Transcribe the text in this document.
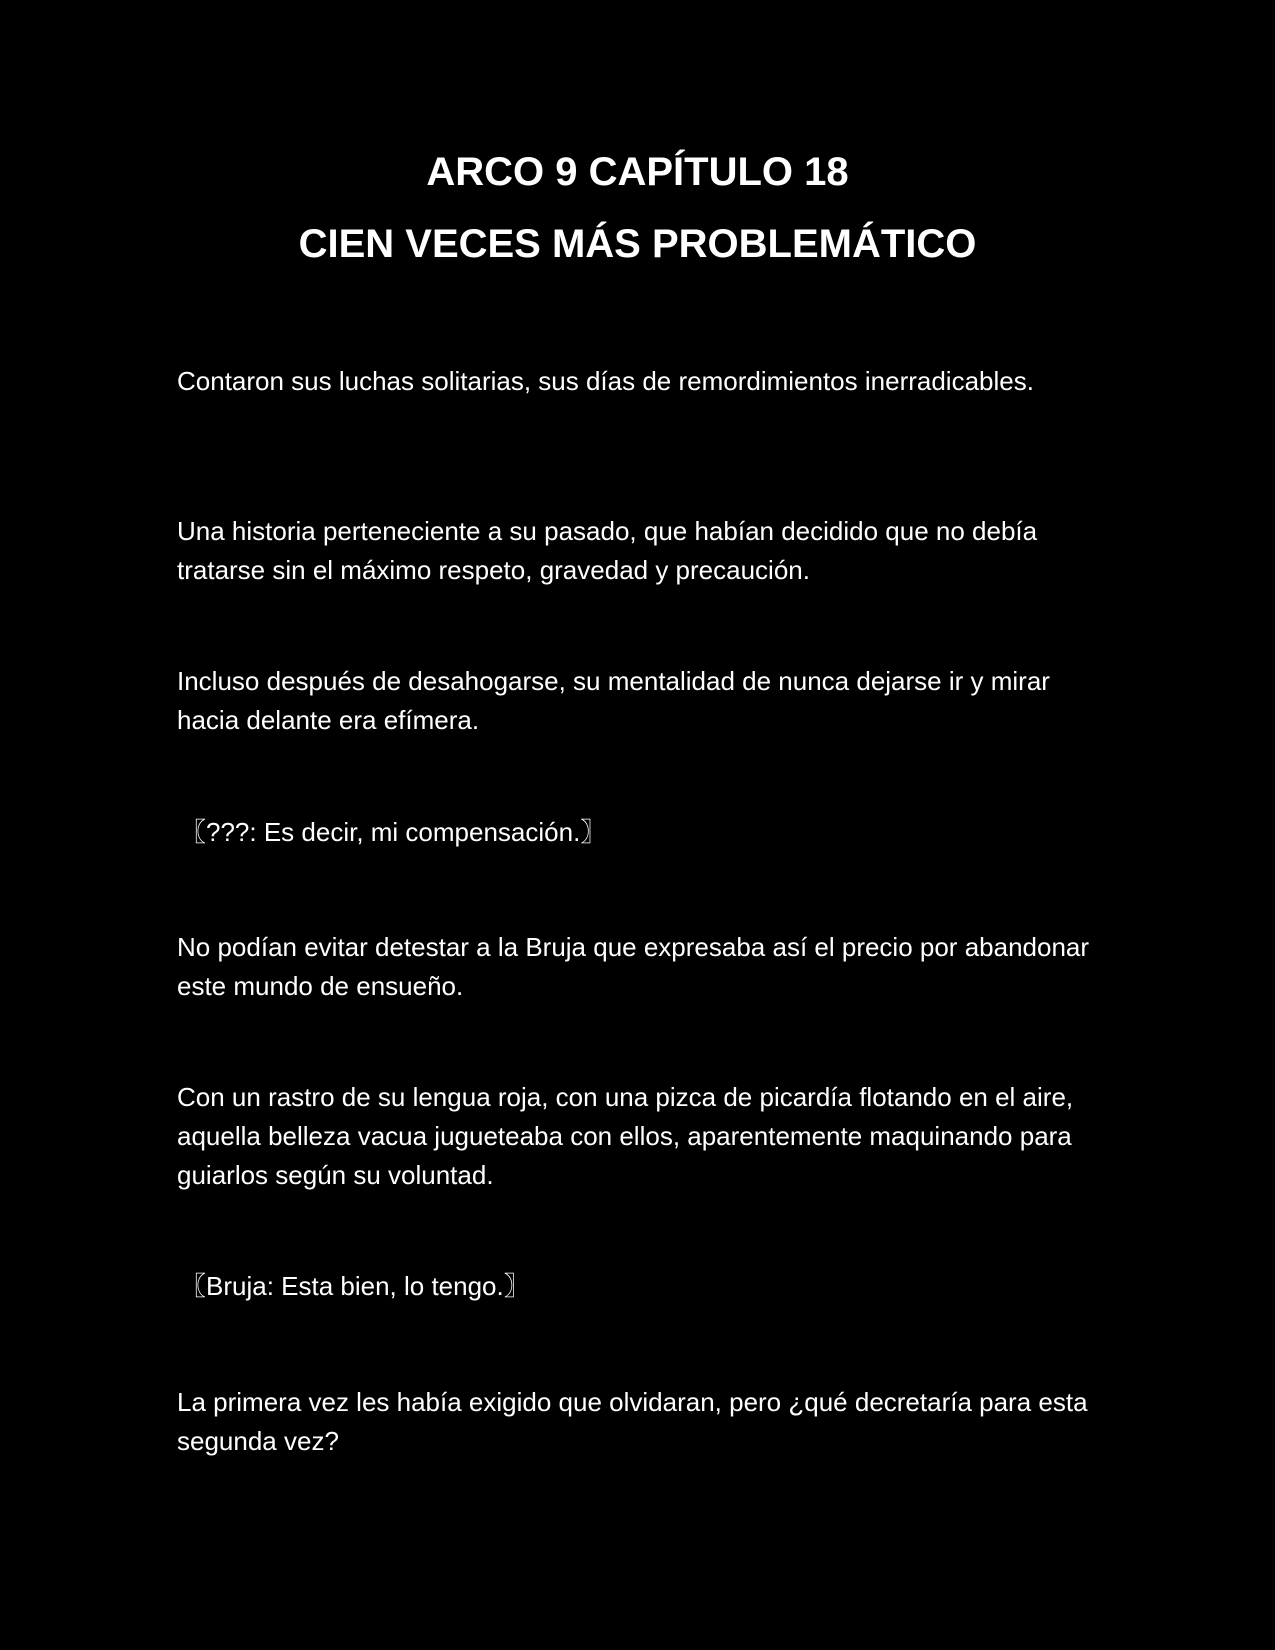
ARCO 9 CAPÍTULO 18
CIEN VECES MÁS PROBLEMÁTICO

Contaron sus luchas solitarias, sus días de remordimientos inerradicables.

Una historia perteneciente a su pasado, que habían decidido que no debía tratarse sin el máximo respeto, gravedad y precaución.

Incluso después de desahogarse, su mentalidad de nunca dejarse ir y mirar hacia delante era efímera.

〖???: Es decir, mi compensación.〗

No podían evitar detestar a la Bruja que expresaba así el precio por abandonar este mundo de ensueño.

Con un rastro de su lengua roja, con una pizca de picardía flotando en el aire, aquella belleza vacua jugueteaba con ellos, aparentemente maquinando para guiarlos según su voluntad.

〖Bruja: Esta bien, lo tengo.〗

La primera vez les había exigido que olvidaran, pero ¿qué decretaría para esta segunda vez?
